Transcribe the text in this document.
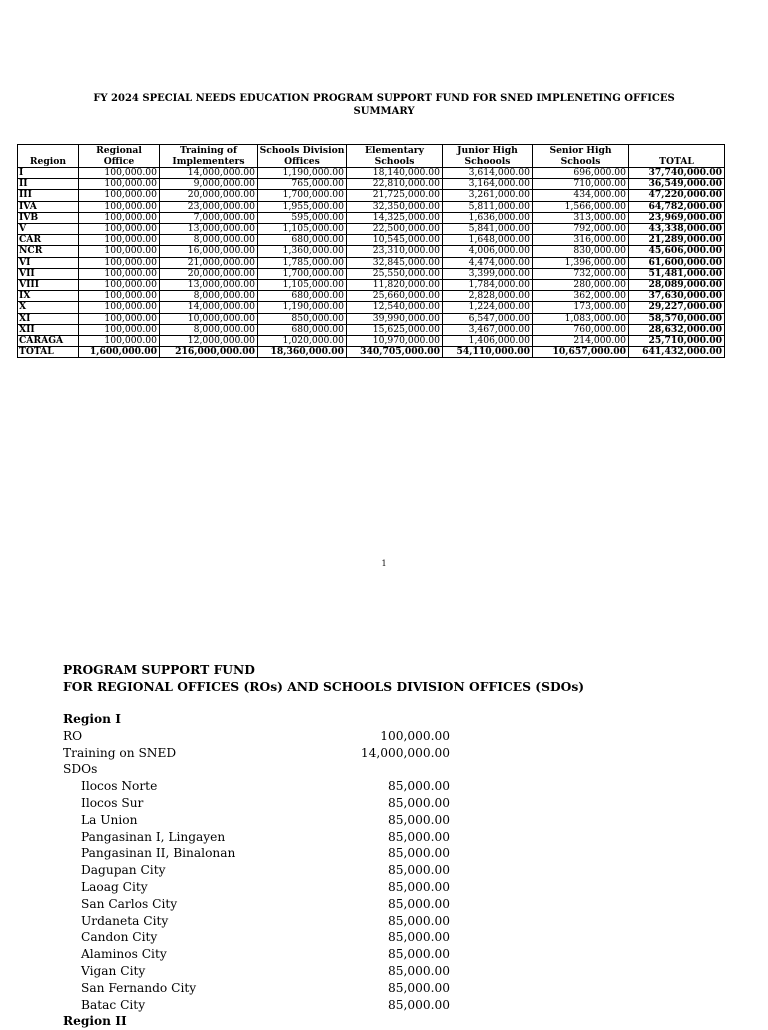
FY 2024 SPECIAL NEEDS EDUCATION PROGRAM SUPPORT FUND FOR SNED IMPLENETING OFFICES
SUMMARY
Region	Regional Office	Training of Implementers	Schools Division Offices	Elementary Schools	Junior High Schoools	Senior High Schools	TOTAL
I	100,000.00	14,000,000.00	1,190,000.00	18,140,000.00	3,614,000.00	696,000.00	37,740,000.00
II	100,000.00	9,000,000.00	765,000.00	22,810,000.00	3,164,000.00	710,000.00	36,549,000.00
III	100,000.00	20,000,000.00	1,700,000.00	21,725,000.00	3,261,000.00	434,000.00	47,220,000.00
IVA	100,000.00	23,000,000.00	1,955,000.00	32,350,000.00	5,811,000.00	1,566,000.00	64,782,000.00
IVB	100,000.00	7,000,000.00	595,000.00	14,325,000.00	1,636,000.00	313,000.00	23,969,000.00
V	100,000.00	13,000,000.00	1,105,000.00	22,500,000.00	5,841,000.00	792,000.00	43,338,000.00
CAR	100,000.00	8,000,000.00	680,000.00	10,545,000.00	1,648,000.00	316,000.00	21,289,000.00
NCR	100,000.00	16,000,000.00	1,360,000.00	23,310,000.00	4,006,000.00	830,000.00	45,606,000.00
VI	100,000.00	21,000,000.00	1,785,000.00	32,845,000.00	4,474,000.00	1,396,000.00	61,600,000.00
VII	100,000.00	20,000,000.00	1,700,000.00	25,550,000.00	3,399,000.00	732,000.00	51,481,000.00
VIII	100,000.00	13,000,000.00	1,105,000.00	11,820,000.00	1,784,000.00	280,000.00	28,089,000.00
IX	100,000.00	8,000,000.00	680,000.00	25,660,000.00	2,828,000.00	362,000.00	37,630,000.00
X	100,000.00	14,000,000.00	1,190,000.00	12,540,000.00	1,224,000.00	173,000.00	29,227,000.00
XI	100,000.00	10,000,000.00	850,000.00	39,990,000.00	6,547,000.00	1,083,000.00	58,570,000.00
XII	100,000.00	8,000,000.00	680,000.00	15,625,000.00	3,467,000.00	760,000.00	28,632,000.00
CARAGA	100,000.00	12,000,000.00	1,020,000.00	10,970,000.00	1,406,000.00	214,000.00	25,710,000.00
TOTAL	1,600,000.00	216,000,000.00	18,360,000.00	340,705,000.00	54,110,000.00	10,657,000.00	641,432,000.00
1
PROGRAM SUPPORT FUND
FOR REGIONAL OFFICES (ROs) AND SCHOOLS DIVISION OFFICES (SDOs)
Region I
RO	100,000.00
Training on SNED	14,000,000.00
SDOs
Ilocos Norte	85,000.00
Ilocos Sur	85,000.00
La Union	85,000.00
Pangasinan I, Lingayen	85,000.00
Pangasinan II, Binalonan	85,000.00
Dagupan City	85,000.00
Laoag City	85,000.00
San Carlos City	85,000.00
Urdaneta City	85,000.00
Candon City	85,000.00
Alaminos City	85,000.00
Vigan City	85,000.00
San Fernando City	85,000.00
Batac City	85,000.00
Region II
